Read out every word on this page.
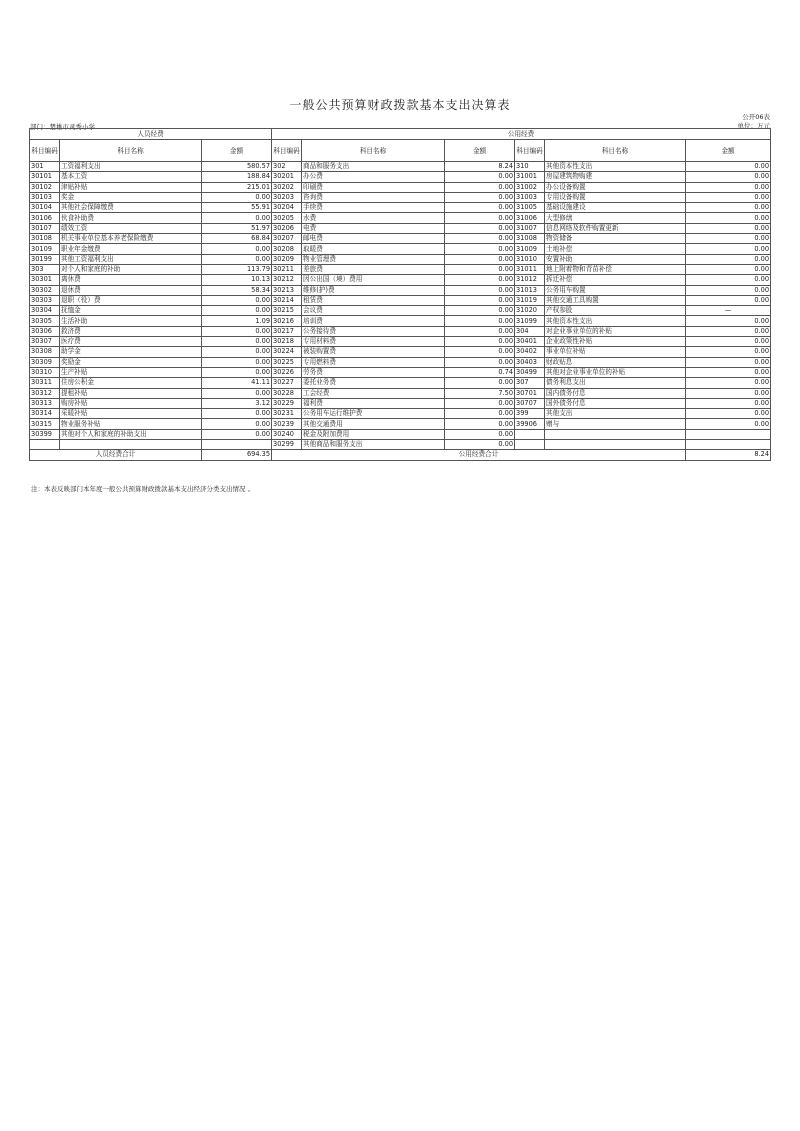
一般公共预算财政拨款基本支出决算表
部门：楚雄市灵秀小学
公开06表
单位：万元
人员经费			公用经费					
科目编码	科目名称	金额	科目编码	科目名称	金额	科目编码	科目名称	金额
301	工资福利支出	580.57	302	商品和服务支出	8.24	310	其他资本性支出	0.00
30101	基本工资	188.84	30201	办公费	0.00	31001	房屋建筑物购建	0.00
30102	津贴补贴	215.01	30202	印刷费	0.00	31002	办公设备购置	0.00
30103	奖金	0.00	30203	咨询费	0.00	31003	专用设备购置	0.00
30104	其他社会保障缴费	55.91	30204	手续费	0.00	31005	基础设施建设	0.00
30106	伙食补助费	0.00	30205	水费	0.00	31006	大型修缮	0.00
30107	绩效工资	51.97	30206	电费	0.00	31007	信息网络及软件购置更新	0.00
30108	机关事业单位基本养老保险缴费	68.84	30207	邮电费	0.00	31008	物资储备	0.00
30109	职业年金缴费	0.00	30208	取暖费	0.00	31009	土地补偿	0.00
30199	其他工资福利支出	0.00	30209	物业管理费	0.00	31010	安置补助	0.00
303	对个人和家庭的补助	113.79	30211	差旅费	0.00	31011	地上附着物和青苗补偿	0.00
30301	离休费	10.13	30212	因公出国（境）费用	0.00	31012	拆迁补偿	0.00
30302	退休费	58.34	30213	维修(护)费	0.00	31013	公务用车购置	0.00
30303	退职（役）费	0.00	30214	租赁费	0.00	31019	其他交通工具购置	0.00
30304	抚恤金	0.00	30215	会议费	0.00	31020	产权参股	—
30305	生活补助	1.09	30216	培训费	0.00	31099	其他资本性支出	0.00
30306	救济费	0.00	30217	公务接待费	0.00	304	对企业事业单位的补贴	0.00
30307	医疗费	0.00	30218	专用材料费	0.00	30401	企业政策性补贴	0.00
30308	助学金	0.00	30224	被装购置费	0.00	30402	事业单位补贴	0.00
30309	奖励金	0.00	30225	专用燃料费	0.00	30403	财政贴息	0.00
30310	生产补贴	0.00	30226	劳务费	0.74	30499	其他对企业事业单位的补贴	0.00
30311	住房公积金	41.11	30227	委托业务费	0.00	307	债务利息支出	0.00
30312	提租补贴	0.00	30228	工会经费	7.50	30701	国内债务付息	0.00
30313	购房补贴	3.12	30229	福利费	0.00	30707	国外债务付息	0.00
30314	采暖补贴	0.00	30231	公务用车运行维护费	0.00	399	其他支出	0.00
30315	物业服务补贴	0.00	30239	其他交通费用	0.00	39906	赠与	0.00
30399	其他对个人和家庭的补助支出	0.00	30240	税金及附加费用	0.00			
			30299	其他商品和服务支出	0.00			
人员经费合计		694.35	公用经费合计					8.24
注：本表反映部门本年度一般公共预算财政拨款基本支出经济分类支出情况 。
